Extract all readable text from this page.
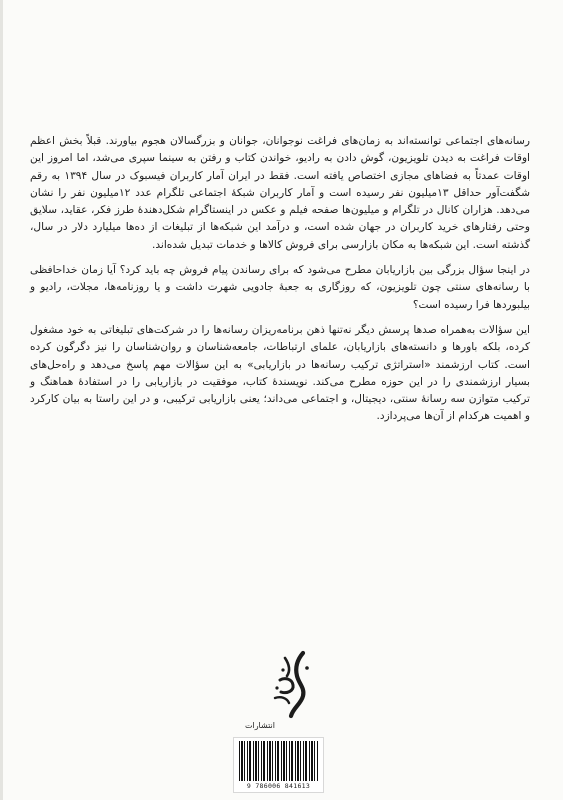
رسانه‌های اجتماعی توانسته‌اند به زمان‌های فراغت نوجوانان، جوانان و بزرگسالان هجوم بیاورند. قبلاً بخش اعظم اوقات فراغت به دیدن تلویزیون، گوش دادن به رادیو، خواندن کتاب و رفتن به سینما سپری می‌شد، اما امروز این اوقات عمدتاً به فضاهای مجازی اختصاص یافته است. فقط در ایران آمار کاربران فیسبوک در سال ۱۳۹۴ به رقم شگفت‌آور حداقل ۱۳میلیون نفر رسیده است و آمار کاربران شبکۀ اجتماعی تلگرام عدد ۱۲میلیون نفر را نشان می‌دهد. هزاران کانال در تلگرام و میلیون‌ها صفحه فیلم و عکس در اینستاگرام شکل‌دهندۀ طرز فکر، عقاید، سلایق وحتی رفتارهای خرید کاربران در جهان شده است، و درآمد این شبکه‌ها از تبلیغات از ده‌ها میلیارد دلار در سال، گذشته است. این شبکه‌ها به مکان بازارسی برای فروش کالاها و خدمات تبدیل شده‌اند.

در اینجا سؤال بزرگی بین بازاریابان مطرح می‌شود که برای رساندن پیام فروش چه باید کرد؟ آیا زمان خداحافظی با رسانه‌های سنتی چون تلویزیون، که روزگاری به جعبۀ جادویی شهرت داشت و یا روزنامه‌ها، مجلات، رادیو و بیلبوردها فرا رسیده است؟

این سؤالات به‌همراه صدها پرسش دیگر نه‌تنها ذهن برنامه‌ریزان رسانه‌ها را در شرکت‌های تبلیغاتی به خود مشغول کرده، بلکه باورها و دانسته‌های بازاریابان، علمای ارتباطات، جامعه‌شناسان و روان‌شناسان را نیز دگرگون کرده است. کتاب ارزشمند «استراتژی ترکیب رسانه‌ها در بازاریابی» به این سؤالات مهم پاسخ می‌دهد و راه‌حل‌های بسیار ارزشمندی را در این حوزه مطرح می‌کند. نویسندۀ کتاب، موفقیت در بازاریابی را در استفادۀ هماهنگ و ترکیب متوازن سه رسانۀ سنتی، دیجیتال، و اجتماعی می‌داند؛ یعنی بازاریابی ترکیبی، و در این راستا به بیان کارکرد و اهمیت هرکدام از آن‌ها می‌پردازد.

انتشارات
9 786006 841613
